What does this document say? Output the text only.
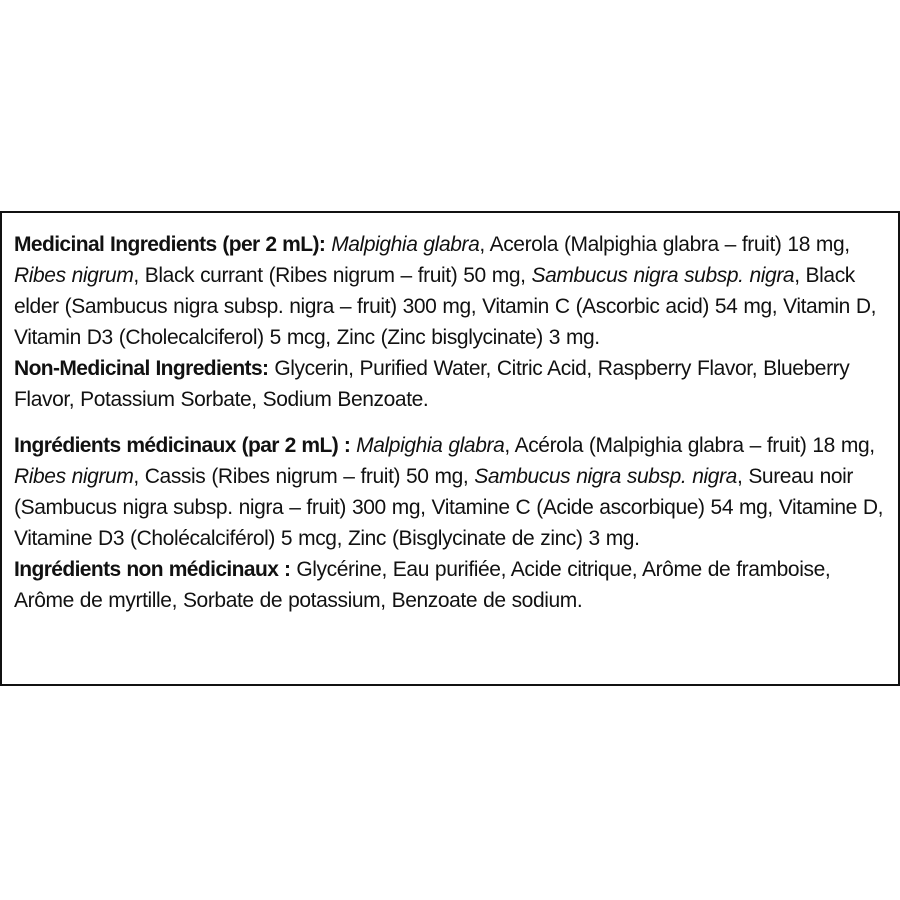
Medicinal Ingredients (per 2 mL): Malpighia glabra, Acerola (Malpighia glabra – fruit) 18 mg, Ribes nigrum, Black currant (Ribes nigrum – fruit) 50 mg, Sambucus nigra subsp. nigra, Black elder (Sambucus nigra subsp. nigra – fruit) 300 mg, Vitamin C (Ascorbic acid) 54 mg, Vitamin D, Vitamin D3 (Cholecalciferol) 5 mcg, Zinc (Zinc bisglycinate) 3 mg.

Non-Medicinal Ingredients: Glycerin, Purified Water, Citric Acid, Raspberry Flavor, Blueberry Flavor, Potassium Sorbate, Sodium Benzoate.

Ingrédients médicinaux (par 2 mL) : Malpighia glabra, Acérola (Malpighia glabra – fruit) 18 mg, Ribes nigrum, Cassis (Ribes nigrum – fruit) 50 mg, Sambucus nigra subsp. nigra, Sureau noir (Sambucus nigra subsp. nigra – fruit) 300 mg, Vitamine C (Acide ascorbique) 54 mg, Vitamine D, Vitamine D3 (Cholécalciférol) 5 mcg, Zinc (Bisglycinate de zinc) 3 mg.

Ingrédients non médicinaux : Glycérine, Eau purifiée, Acide citrique, Arôme de framboise, Arôme de myrtille, Sorbate de potassium, Benzoate de sodium.
